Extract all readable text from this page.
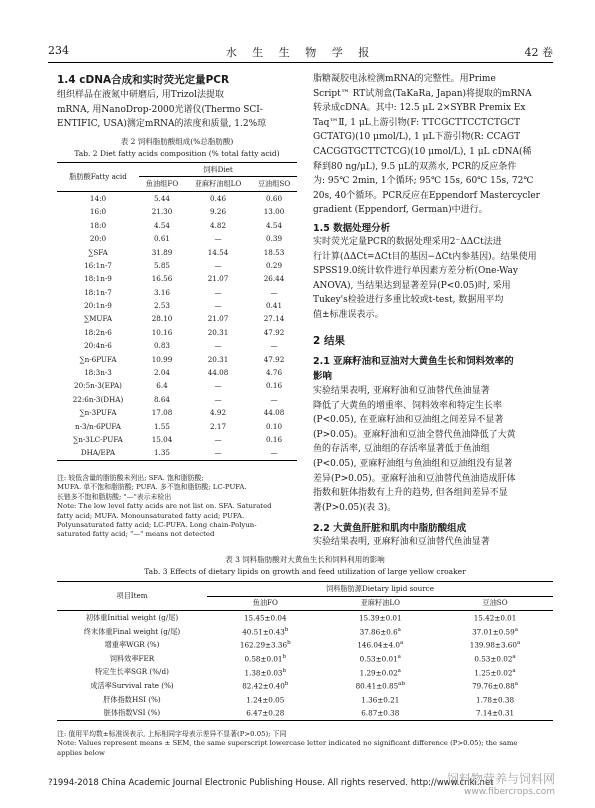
234	水 生 生 物 学 报	42 卷
1.4 cDNA合成和实时荧光定量PCR
组织样品在液氮中研磨后, 用Trizol法提取
mRNA, 用NanoDrop-2000光谱仪(Thermo SCI-
ENTIFIC, USA)测定mRNA的浓度和质量, 1.2%琼
表 2 饲料脂肪酸组成(%总脂肪酸)
Tab. 2 Diet fatty acids composition (% total fatty acid)
脂肪酸Fatty acid	饲料Diet		
	鱼油组FO	亚麻籽油组LO	豆油组SO
14:0	5.44	0.46	0.60
16:0	21.30	9.26	13.00
18:0	4.54	4.82	4.54
20:0	0.61	—	0.39
∑SFA	31.89	14.54	18.53
16:1n-7	5.85	—	0.29
18:1n-9	16.56	21.07	26.44
18:1n-7	3.16	—	—
20:1n-9	2.53	—	0.41
∑MUFA	28.10	21.07	27.14
18:2n-6	10.16	20.31	47.92
20:4n-6	0.83	—	—
∑n-6PUFA	10.99	20.31	47.92
18:3n-3	2.04	44.08	4.76
20:5n-3(EPA)	6.4	—	0.16
22:6n-3(DHA)	8.64	—	—
∑n-3PUFA	17.08	4.92	44.08
n-3/n-6PUFA	1.55	2.17	0.10
∑n-3LC-PUFA	15.04	—	0.16
DHA/EPA	1.35	—	—
注: 较低含量的脂肪酸未列出; SFA. 饱和脂肪酸;
MUFA. 单不饱和脂肪酸; PUFA. 多不饱和脂肪酸; LC-PUFA.
长链多不饱和脂肪酸; "—"表示未检出
Note: The low level fatty acids are not list on. SFA. Saturated
fatty acid; MUFA. Monounsaturated fatty acid; PUFA.
Polyunsaturated fatty acid; LC-PUFA. Long chain-Polyun-
saturated fatty acid; "—" means not detected
脂糖凝胶电泳检测mRNA的完整性。用Prime
Script™ RT试剂盒(TaKaRa, Japan)将提取的mRNA
转录成cDNA。其中: 12.5 μL 2×SYBR Premix Ex
Taq™Ⅱ, 1 μL上游引物(F: TTCGCTTCCTCTGCT
GCTATG)(10 μmol/L), 1 μL下游引物(R: CCAGT
CACGGTGCTTCTCG)(10 μmol/L), 1 μL cDNA(稀
释到80 ng/μL), 9.5 μL的双蒸水, PCR的反应条件
为: 95℃ 2min, 1个循环; 95℃ 15s, 60℃ 15s, 72℃
20s, 40个循环。PCR反应在Eppendorf Mastercycler
gradient (Eppendorf, German)中进行。
1.5 数据处理分析
实时荧光定量PCR的数据处理采用2⁻ΔΔCt法进
行计算(ΔΔCt=ΔCt目的基因−ΔCt内参基因)。结果使用
SPSS19.0统计软件进行单因素方差分析(One-Way
ANOVA), 当结果达到显著差异(P<0.05)时, 采用
Tukey's检验进行多重比较或t-test, 数据用平均
值±标准误表示。
2 结果
2.1 亚麻籽油和豆油对大黄鱼生长和饲料效率的
影响
实验结果表明, 亚麻籽油和豆油替代鱼油显著
降低了大黄鱼的增重率、饲料效率和特定生长率
(P<0.05), 在亚麻籽油和豆油组之间差异不显著
(P>0.05)。亚麻籽油和豆油全替代鱼油降低了大黄
鱼的存活率, 豆油组的存活率显著低于鱼油组
(P<0.05), 亚麻籽油组与鱼油组和豆油组没有显著
差异(P>0.05)。亚麻籽油和豆油替代鱼油造成肝体
指数和脏体指数有上升的趋势, 但各组间差异不显
著(P>0.05)(表 3)。
2.2 大黄鱼肝脏和肌肉中脂肪酸组成
实验结果表明, 亚麻籽油和豆油替代鱼油显著
表 3 饲料脂肪酸对大黄鱼生长和饲料利用的影响
Tab. 3 Effects of dietary lipids on growth and feed utilization of large yellow croaker
项目Item	饲料脂肪源Dietary lipid source		
	鱼油FO	亚麻籽油LO	豆油SO
初体重Initial weight (g/尾)	15.45±0.04	15.39±0.01	15.42±0.01
终末体重Final weight (g/尾)	40.51±0.43$^b$	37.86±0.6$^a$	37.01±0.59$^a$
增重率WGR (%)	162.29±3.36$^b$	146.04±4.0$^a$	139.98±3.60$^a$
饲料效率FER	0.58±0.01$^b$	0.53±0.01$^a$	0.53±0.02$^a$
特定生长率SGR (%/d)	1.38±0.03$^b$	1.29±0.02$^a$	1.25±0.02$^a$
成活率Survival rate (%)	82.42±0.40$^b$	80.41±0.85$^{ab}$	79.76±0.88$^a$
肝体指数HSI (%)	1.24±0.05	1.36±0.21	1.78±0.38
脏体指数VSI (%)	6.47±0.28	6.87±0.38	7.14±0.31
注: 值用平均数±标准误表示, 上标相同字母表示差异不显著(P>0.05); 下同
Note: Values represent means ± SEM, the same superscript lowercase letter indicated no significant difference (P>0.05); the same
applies below
?1994-2018 China Academic Journal Electronic Publishing House. All rights reserved. http://www.cnki.net
饲料物营养与饲料网
www.fibercrops.com
